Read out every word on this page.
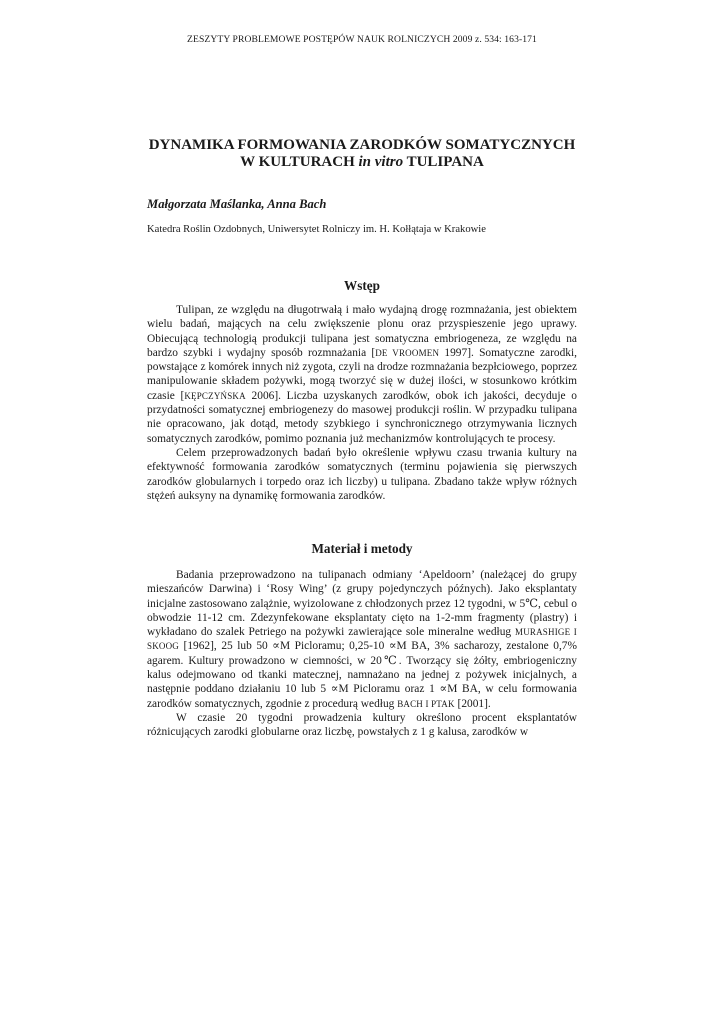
ZESZYTY PROBLEMOWE POSTĘPÓW NAUK ROLNICZYCH 2009 z. 534: 163-171
DYNAMIKA FORMOWANIA ZARODKÓW SOMATYCZNYCH
W KULTURACH in vitro TULIPANA
Małgorzata Maślanka, Anna Bach
Katedra Roślin Ozdobnych, Uniwersytet Rolniczy im. H. Kołłątaja w Krakowie
Wstęp

Tulipan, ze względu na długotrwałą i mało wydajną drogę rozmnażania, jest obiektem wielu badań, mających na celu zwiększenie plonu oraz przyspieszenie jego uprawy. Obiecującą technologią produkcji tulipana jest somatyczna embriogeneza, ze względu na bardzo szybki i wydajny sposób rozmnażania [DE VROOMEN 1997]. Somatyczne zarodki, powstające z komórek innych niż zygota, czyli na drodze rozmnażania bezpłciowego, poprzez manipulowanie składem pożywki, mogą tworzyć się w dużej ilości, w stosunkowo krótkim czasie [KĘPCZYŃSKA 2006]. Liczba uzyskanych zarodków, obok ich jakości, decyduje o przydatności somatycznej embriogenezy do masowej produkcji roślin. W przypadku tulipana nie opracowano, jak dotąd, metody szybkiego i synchronicznego otrzymywania licznych somatycznych zarodków, pomimo poznania już mechanizmów kontrolujących te procesy.

Celem przeprowadzonych badań było określenie wpływu czasu trwania kultury na efektywność formowania zarodków somatycznych (terminu pojawienia się pierwszych zarodków globularnych i torpedo oraz ich liczby) u tulipana. Zbadano także wpływ różnych stężeń auksyny na dynamikę formowania zarodków.

Materiał i metody

Badania przeprowadzono na tulipanach odmiany ‘Apeldoorn’ (należącej do grupy mieszańców Darwina) i ‘Rosy Wing’ (z grupy pojedynczych późnych). Jako eksplantaty inicjalne zastosowano zalążnie, wyizolowane z chłodzonych przez 12 tygodni, w 5℃, cebul o obwodzie 11-12 cm. Zdezynfekowane eksplantaty cięto na 1-2-mm fragmenty (plastry) i wykładano do szalek Petriego na pożywki zawierające sole mineralne według MURASHIGE I SKOOG [1962], 25 lub 50 ∝M Picloramu; 0,25-10 ∝M BA, 3% sacharozy, zestalone 0,7% agarem. Kultury prowadzono w ciemności, w 20℃. Tworzący się żółty, embriogeniczny kalus odejmowano od tkanki matecznej, namnażano na jednej z pożywek inicjalnych, a następnie poddano działaniu 10 lub 5 ∝M Picloramu oraz 1 ∝M BA, w celu formowania zarodków somatycznych, zgodnie z procedurą według BACH I PTAK [2001].

W czasie 20 tygodni prowadzenia kultury określono procent eksplantatów różnicujących zarodki globularne oraz liczbę, powstałych z 1 g kalusa, zarodków w
